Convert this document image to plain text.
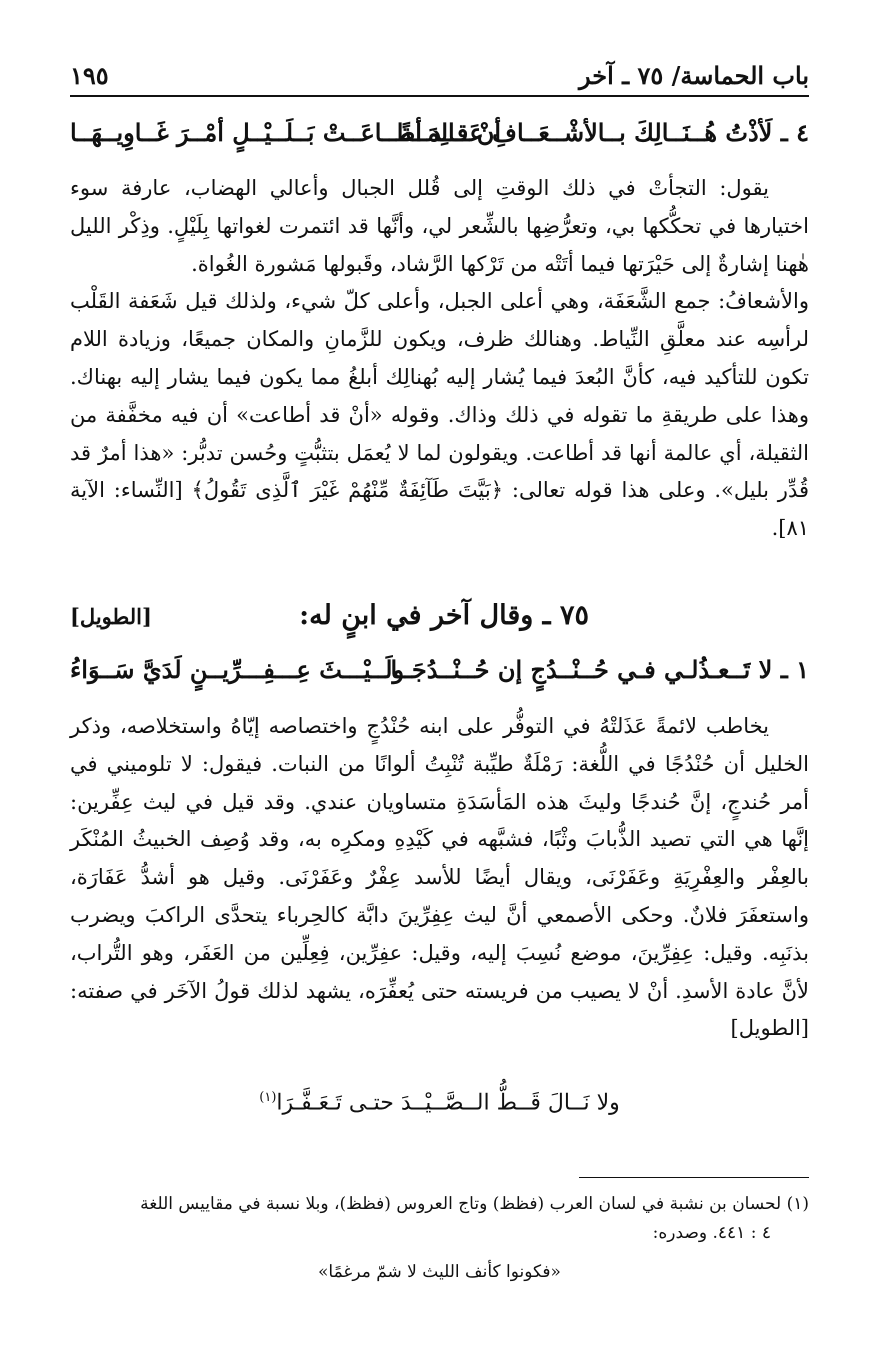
باب الحماسة/ ٧٥ ـ آخر
١٩٥
٤ ـ لَأذْتُ هُــنَــالِكَ بــالأشْــعَــافِ عَــالِمَــةً
أنْ قــد أطــاعَــتْ بَــلَــيْــلٍ أمْــرَ غَــاوِيــهَــا

يقول: التجأتْ في ذلك الوقتِ إلى قُلل الجبال وأعالي الهضاب، عارفة سوء اختيارها في تحكُّكها بي، وتعرُّضِها بالشِّعر لي، وأنَّها قد ائتمرت لغواتها بِلَيْلٍ. وذِكْر الليل هٰهنا إشارةٌ إلى حَيْرَتها فيما أتَتْه من تَرْكها الرَّشاد، وقَبولها مَشورة الغُواة.

والأشعافُ: جمع الشَّعَفَة، وهي أعلى الجبل، وأعلى كلّ شيء، ولذلك قيل شَعَفة القَلْب لرأسِه عند معلَّقِ النِّياط. وهنالك ظرف، ويكون للزَّمانِ والمكان جميعًا، وزيادة اللام تكون للتأكيد فيه، كأنَّ البُعدَ فيما يُشار إليه بُهنالِك أبلغُ مما يكون فيما يشار إليه بهناك. وهذا على طريقةِ ما تقوله في ذلك وذاك. وقوله «أنْ قد أطاعت» أن فيه مخفَّفة من الثقيلة، أي عالمة أنها قد أطاعت. ويقولون لما لا يُعمَل بتثبُّتٍ وحُسن تدبُّر: «هذا أمرٌ قد قُدِّر بليل». وعلى هذا قوله تعالى: ﴿بَيَّتَ طَآئِفَةٌ مِّنْهُمْ غَيْرَ ٱلَّذِى تَقُولُ﴾ [النِّساء: الآية ٨١].

٧٥ ـ وقال آخر في ابنٍ له:
[الطويل]
١ ـ لا تَــعـذُلـي فـي حُــنْــدُجٍ إن حُــنْــدُجَــا
ولَــيْـــثَ عِـــفِـــرِّيــنٍ لَدَيَّ سَــوَاءُ

يخاطب لائمةً عَذَلتْهُ في التوفُّر على ابنه حُنْدُجٍ واختصاصه إيّاهُ واستخلاصه، وذكر الخليل أن حُنْدُجًا في اللُّغة: رَمْلَةٌ طيِّبة تُنْبِتُ ألوانًا من النبات. فيقول: لا تلوميني في أمر حُندجٍ، إنَّ حُندجًا وليثَ هذه المَأسَدَةِ متساويان عندي. وقد قيل في ليث عِفِّرين: إنَّها هي التي تصيد الذُّبابَ وثْبًا، فشبَّهه في كَيْدِهِ ومكرِه به، وقد وُصِف الخبيثُ المُنْكَر بالعِفْر والعِفْرِيَةِ وعَفَرْنَى، ويقال أيضًا للأسد عِفْرٌ وعَفَرْنَى. وقيل هو أشدُّ عَفَارَة، واستعفَرَ فلانٌ. وحكى الأصمعي أنَّ ليث عِفِرِّينَ دابَّة كالحِرباء يتحدَّى الراكبَ ويضرب بذنَبِه. وقيل: عِفِرِّينَ، موضع نُسِبَ إليه، وقيل: عفِرِّين، فِعِلِّين من العَفَر، وهو التُّراب، لأنَّ عادة الأسدِ. أنْ لا يصيب من فريسته حتى يُعفِّرَه، يشهد لذلك قولُ الآخَر في صفته: [الطويل]

ولا نَــالَ قَــطُّ الــصَّــيْــدَ حتـى تَـعَـفَّـرَا$^{(١)}$

(١) لحسان بن نشبة في لسان العرب (فظظ) وتاج العروس (فظظ)، وبلا نسبة في مقاييس اللغة

٤ : ٤٤١. وصدره:

«فكونوا كأنف الليث لا شمّ مرغمًا»
